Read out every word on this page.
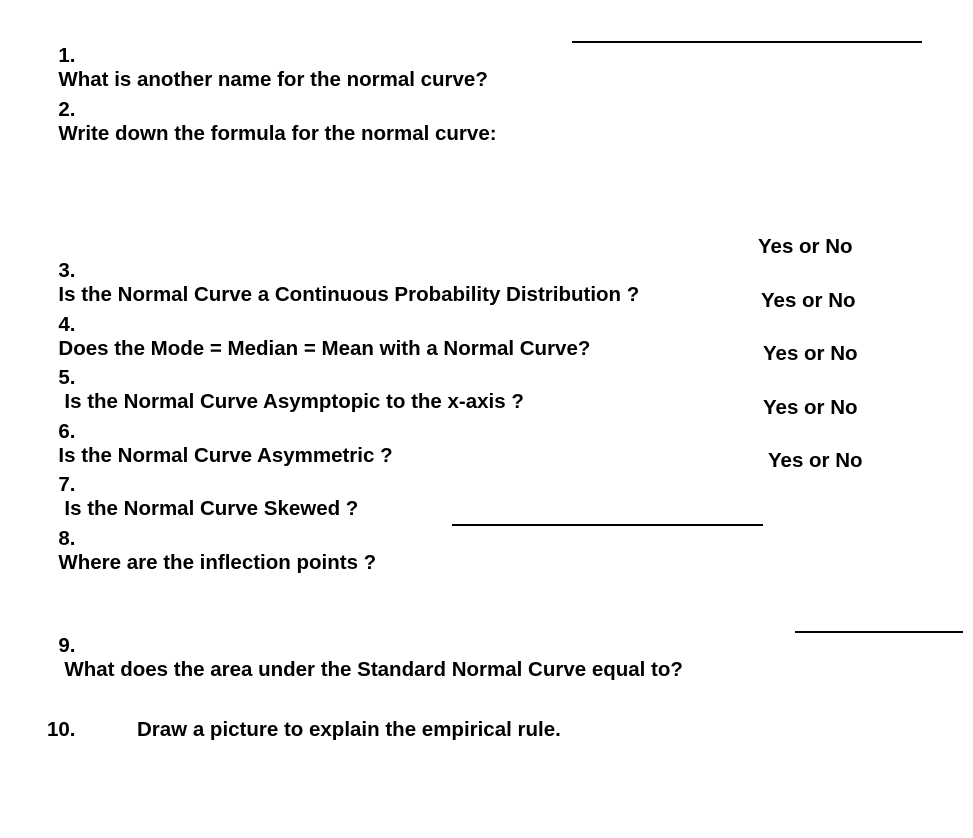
1.
What is another name for the normal curve?

2.
Write down the formula for the normal curve:

3.
Is the Normal Curve a Continuous Probability Distribution ?

Yes or No

4.
Does the Mode = Median = Mean with a Normal Curve?

Yes or No

5.
Is the Normal Curve Asymptopic to the x-axis ?

Yes or No

6.
Is the Normal Curve Asymmetric ?

Yes or No

7.
Is the Normal Curve Skewed ?

Yes or No

8.
Where are the inflection points ?

9.
What does the area under the Standard Normal Curve equal to?

10.	Draw a picture to explain the empirical rule.
